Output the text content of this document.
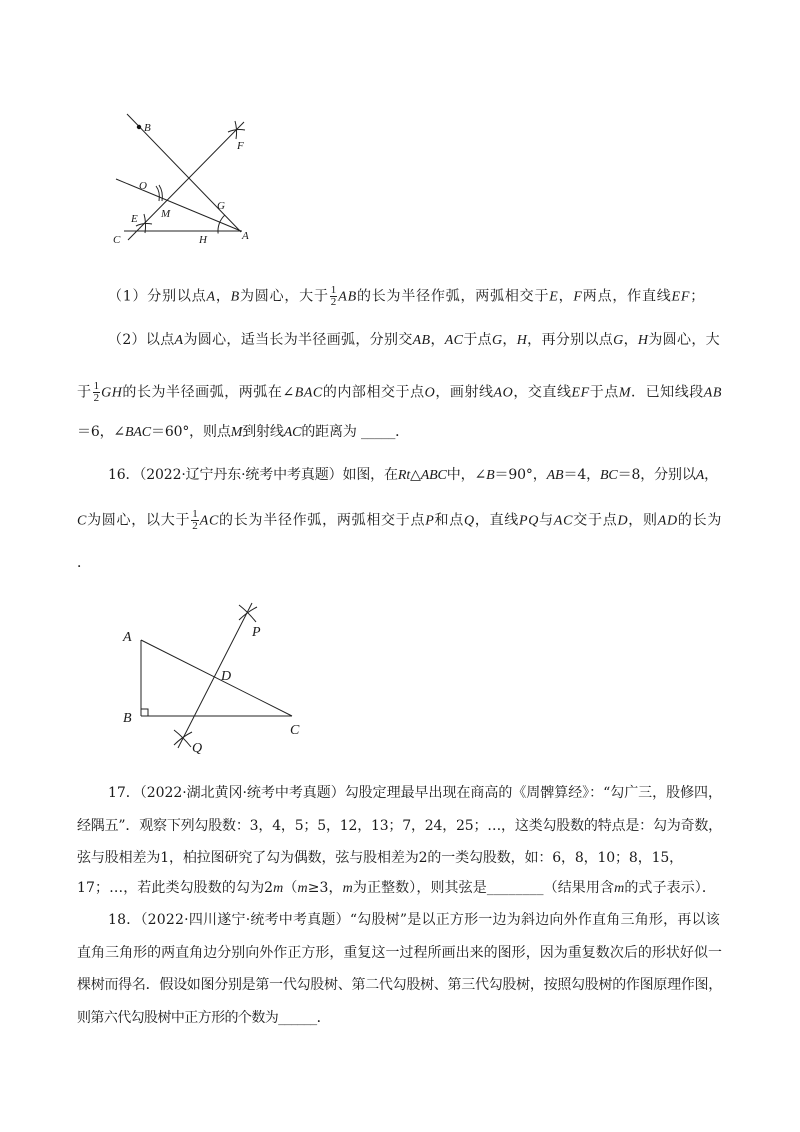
B
F
O
M
G
E
C	H	A
（1）分别以点A，B为圆心，大于 $\frac{1}{2}$ AB的长为半径作弧，两弧相交于E，F两点，作直线EF；
（2）以点A为圆心，适当长为半径画弧，分别交AB，AC于点G，H，再分别以点G，H为圆心，大
于 $\frac{1}{2}$ GH的长为半径画弧，两弧在∠BAC的内部相交于点O，画射线AO，交直线EF于点M．已知线段AB
＝6，∠BAC＝60°，则点M到射线AC的距离为 _____．
16．（2022·辽宁丹东·统考中考真题）如图，在Rt△ABC中，∠B＝90°，AB＝4，BC＝8，分别以A，
C为圆心，以大于 $\frac{1}{2}$ AC的长为半径作弧，两弧相交于点P和点Q，直线PQ与AC交于点D，则AD的长为
．
A
B
C
D
P
Q
17．（2022·湖北黄冈·统考中考真题）勾股定理最早出现在商高的《周髀算经》：“勾广三，股修四，
经隅五”．观察下列勾股数：3，4，5；5，12，13；7，24，25；…，这类勾股数的特点是：勾为奇数，
弦与股相差为1，柏拉图研究了勾为偶数，弦与股相差为2的一类勾股数，如：6，8，10；8，15，
17；…，若此类勾股数的勾为2m（m≥3，m为正整数），则其弦是________（结果用含m的式子表示）．
18．（2022·四川遂宁·统考中考真题）“勾股树”是以正方形一边为斜边向外作直角三角形，再以该
直角三角形的两直角边分别向外作正方形，重复这一过程所画出来的图形，因为重复数次后的形状好似一
棵树而得名．假设如图分别是第一代勾股树、第二代勾股树、第三代勾股树，按照勾股树的作图原理作图，
则第六代勾股树中正方形的个数为______．
